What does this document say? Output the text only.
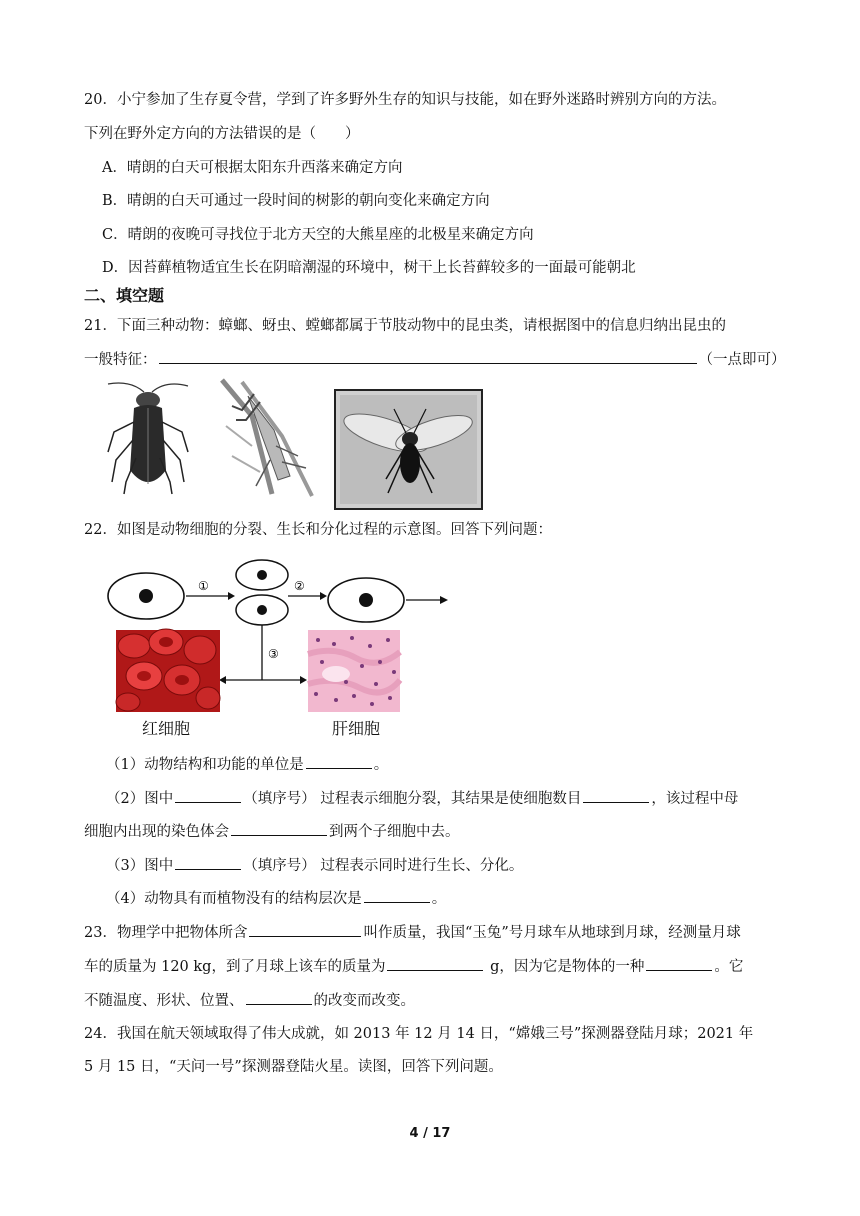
20．小宁参加了生存夏令营，学到了许多野外生存的知识与技能，如在野外迷路时辨别方向的方法。
下列在野外定方向的方法错误的是（　　）
A．晴朗的白天可根据太阳东升西落来确定方向
B．晴朗的白天可通过一段时间的树影的朝向变化来确定方向
C．晴朗的夜晚可寻找位于北方天空的大熊星座的北极星来确定方向
D．因苔藓植物适宜生长在阴暗潮湿的环境中，树干上长苔藓较多的一面最可能朝北
二、填空题
21．下面三种动物：蟑螂、蚜虫、螳螂都属于节肢动物中的昆虫类，请根据图中的信息归纳出昆虫的
一般特征：	（一点即可）
22．如图是动物细胞的分裂、生长和分化过程的示意图。回答下列问题：
①	②
③
红细胞	肝细胞
（1）动物结构和功能的单位是	。
（2）图中	（填序号） 过程表示细胞分裂，其结果是使细胞数目	，该过程中母
细胞内出现的染色体会	到两个子细胞中去。
（3）图中	（填序号） 过程表示同时进行生长、分化。
（4）动物具有而植物没有的结构层次是	。
23．物理学中把物体所含	叫作质量，我国“玉兔”号月球车从地球到月球，经测量月球
车的质量为 120 kg，到了月球上该车的质量为	g，因为它是物体的一种	。它
不随温度、形状、位置、	的改变而改变。
24．我国在航天领域取得了伟大成就，如 2013 年 12 月 14 日，“嫦娥三号”探测器登陆月球；2021 年
5 月 15 日，“天问一号”探测器登陆火星。读图，回答下列问题。
4 / 17
